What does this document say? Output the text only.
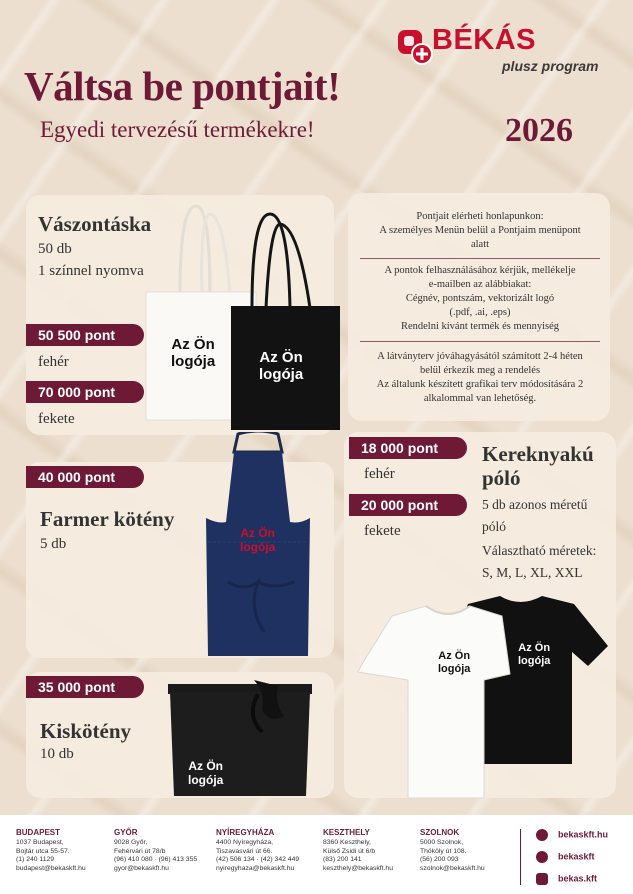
Váltsa be pontjait!
Egyedi tervezésű termékekre!	2026
BÉKÁS
plusz program
Vászontáska
50 db
1 színnel nyomva
50 500 pont
fehér
70 000 pont
fekete
Az Ön
logója	Az Ön
logója
40 000 pont
Farmer kötény
5 db
Az Ön
logója
35 000 pont
Kiskötény
10 db
Az Ön
logója
Pontjait elérheti honlapunkon:
A személyes Menün belül a Pontjaim menüpont
alatt
A pontok felhasználásához kérjük, mellékelje
e-mailben az alábbiakat:
Cégnév, pontszám, vektorizált logó
(.pdf, .ai, .eps)
Rendelni kívánt termék és mennyiség
A látványterv jóváhagyásától számított 2-4 héten
belül érkezik meg a rendelés
Az általunk készített grafikai terv módosítására 2
alkalommal van lehetőség.
18 000 pont
fehér
20 000 pont
fekete
Kereknyakú
póló
5 db azonos méretű
póló
Választható méretek:
S, M, L, XL, XXL
Az Ön
logója
Az Ön
logója
BUDAPEST
1037 Budapest,
Bojtár utca 55-57.
(1) 240 1129
budapest@bekaskft.hu
GYŐR
9028 Győr,
Fehérvári út 78/b
(96) 410 080 · (96) 413 355
gyor@bekaskft.hu
NYÍREGYHÁZA
4400 Nyíregyháza,
Tiszavasvári út 66.
(42) 506 134 · (42) 342 449
nyiregyhaza@bekaskft.hu
KESZTHELY
8360 Keszthely,
Külső Zsidi út 6/b
(83) 200 141
keszthely@bekaskft.hu
SZOLNOK
5000 Szolnok,
Thököly út 108.
(56) 200 093
szolnok@bekaskft.hu
bekaskft.hu
bekaskft
bekas.kft
